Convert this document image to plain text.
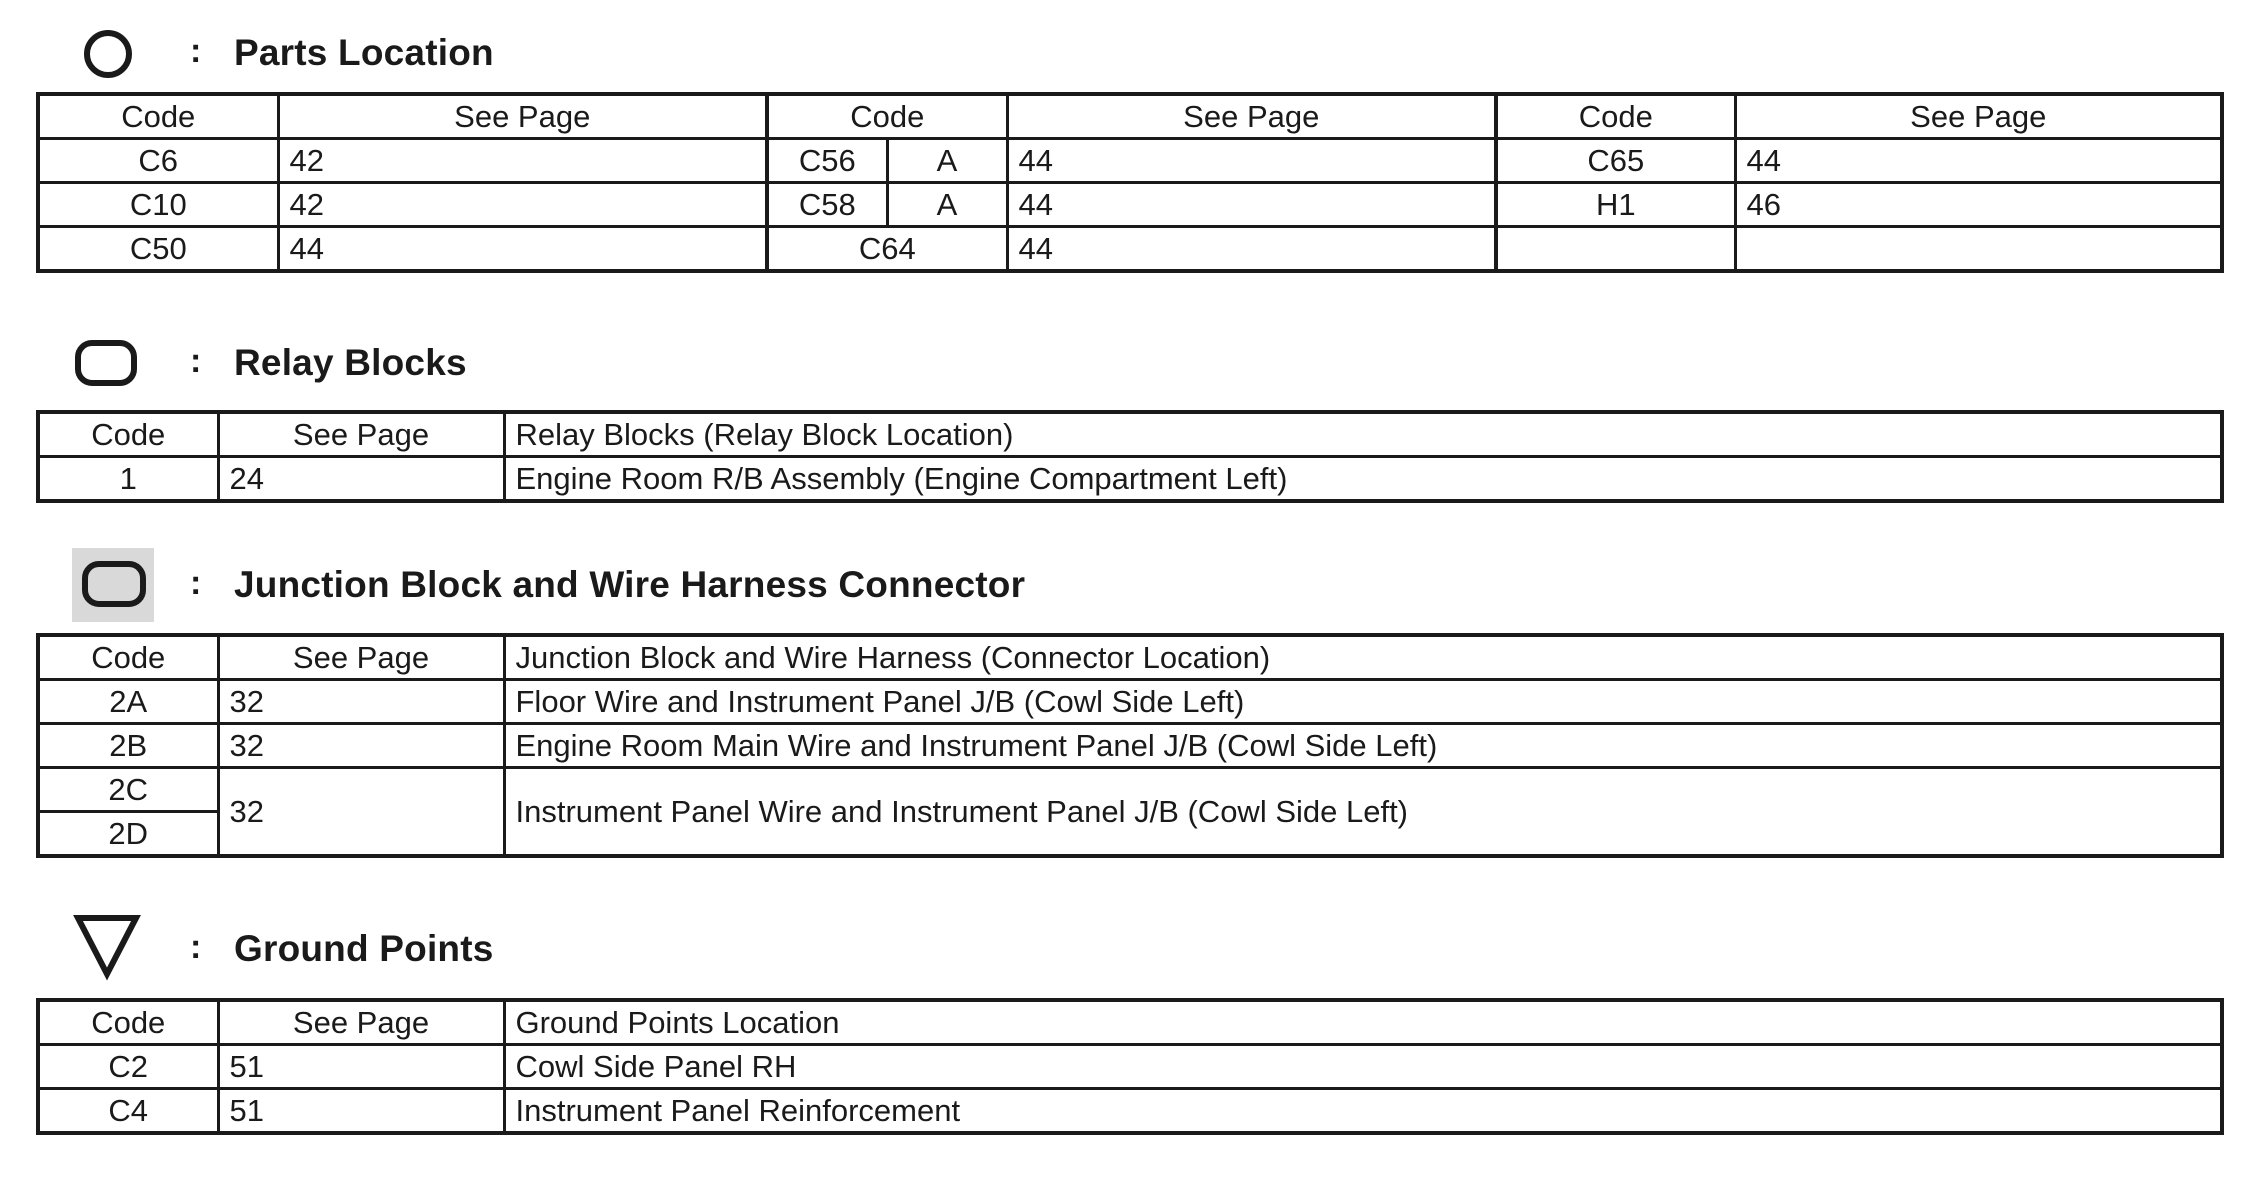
: Parts Location
Code	See Page	Code		See Page	Code	See Page
C6	42	C56	A	44	C65	44
C10	42	C58	A	44	H1	46
C50	44	C64		44		
: Relay Blocks
Code	See Page	Relay Blocks (Relay Block Location)
1	24	Engine Room R/B Assembly (Engine Compartment Left)
: Junction Block and Wire Harness Connector
Code	See Page	Junction Block and Wire Harness (Connector Location)
2A	32	Floor Wire and Instrument Panel J/B (Cowl Side Left)
2B	32	Engine Room Main Wire and Instrument Panel J/B (Cowl Side Left)
2C	32	Instrument Panel Wire and Instrument Panel J/B (Cowl Side Left)
2D		
: Ground Points
Code	See Page	Ground Points Location
C2	51	Cowl Side Panel RH
C4	51	Instrument Panel Reinforcement
